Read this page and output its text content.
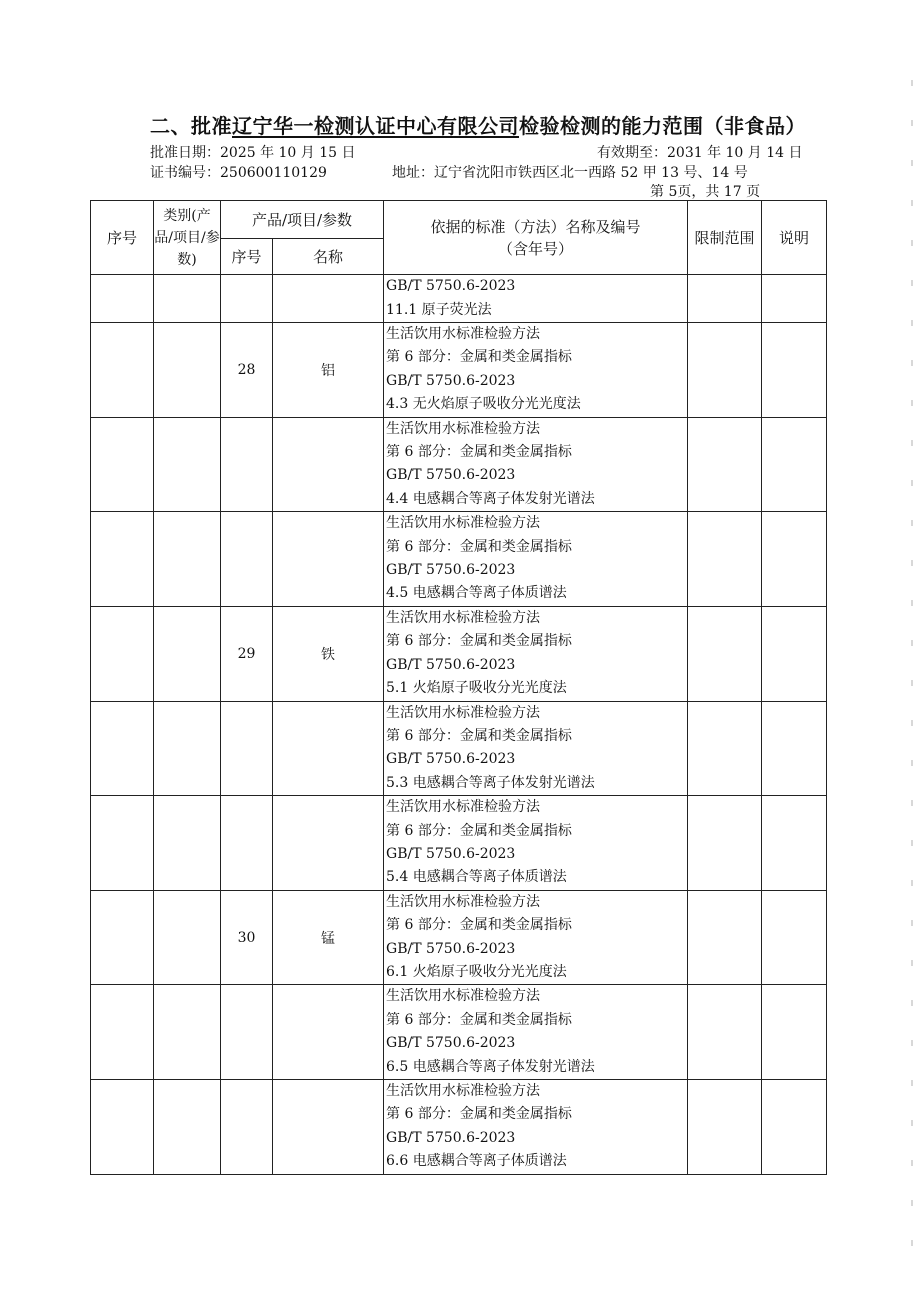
二、批准辽宁华一检测认证中心有限公司检验检测的能力范围（非食品）
批准日期：2025 年 10 月 15 日	有效期至：2031 年 10 月 14 日
证书编号：250600110129	地址：辽宁省沈阳市铁西区北一西路 52 甲 13 号、14 号
第 5页，共 17 页
序号	类别(产品/项目/参数)	产品/项目/参数		依据的标准（方法）名称及编号（含年号）	限制范围	说明
		序号	名称			

				GB/T 5750.6-2023
11.1 原子荧光法		

		28	铝	生活饮用水标准检验方法
第 6 部分：金属和类金属指标
GB/T 5750.6-2023
4.3 无火焰原子吸收分光光度法		

				生活饮用水标准检验方法
第 6 部分：金属和类金属指标
GB/T 5750.6-2023
4.4 电感耦合等离子体发射光谱法		

				生活饮用水标准检验方法
第 6 部分：金属和类金属指标
GB/T 5750.6-2023
4.5 电感耦合等离子体质谱法		

		29	铁	生活饮用水标准检验方法
第 6 部分：金属和类金属指标
GB/T 5750.6-2023
5.1 火焰原子吸收分光光度法		

				生活饮用水标准检验方法
第 6 部分：金属和类金属指标
GB/T 5750.6-2023
5.3 电感耦合等离子体发射光谱法		

				生活饮用水标准检验方法
第 6 部分：金属和类金属指标
GB/T 5750.6-2023
5.4 电感耦合等离子体质谱法		

		30	锰	生活饮用水标准检验方法
第 6 部分：金属和类金属指标
GB/T 5750.6-2023
6.1 火焰原子吸收分光光度法		

				生活饮用水标准检验方法
第 6 部分：金属和类金属指标
GB/T 5750.6-2023
6.5 电感耦合等离子体发射光谱法		

				生活饮用水标准检验方法
第 6 部分：金属和类金属指标
GB/T 5750.6-2023
6.6 电感耦合等离子体质谱法		
